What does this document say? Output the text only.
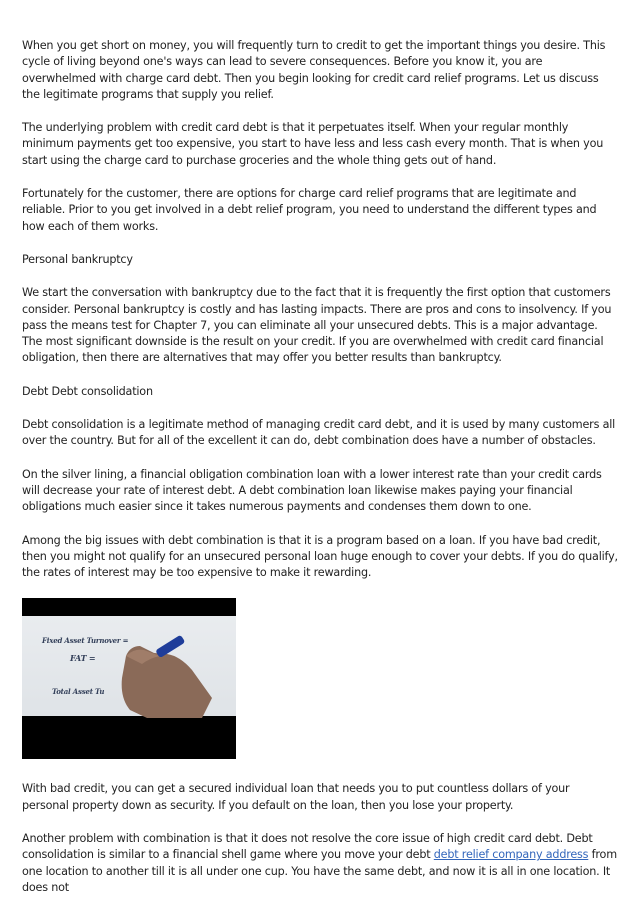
When you get short on money, you will frequently turn to credit to get the important things you desire. This cycle of living beyond one's ways can lead to severe consequences. Before you know it, you are overwhelmed with charge card debt. Then you begin looking for credit card relief programs. Let us discuss the legitimate programs that supply you relief.

The underlying problem with credit card debt is that it perpetuates itself. When your regular monthly minimum payments get too expensive, you start to have less and less cash every month. That is when you start using the charge card to purchase groceries and the whole thing gets out of hand.

Fortunately for the customer, there are options for charge card relief programs that are legitimate and reliable. Prior to you get involved in a debt relief program, you need to understand the different types and how each of them works.

Personal bankruptcy

We start the conversation with bankruptcy due to the fact that it is frequently the first option that customers consider. Personal bankruptcy is costly and has lasting impacts. There are pros and cons to insolvency. If you pass the means test for Chapter 7, you can eliminate all your unsecured debts. This is a major advantage. The most significant downside is the result on your credit. If you are overwhelmed with credit card financial obligation, then there are alternatives that may offer you better results than bankruptcy.

Debt Debt consolidation

Debt consolidation is a legitimate method of managing credit card debt, and it is used by many customers all over the country. But for all of the excellent it can do, debt combination does have a number of obstacles.

On the silver lining, a financial obligation combination loan with a lower interest rate than your credit cards will decrease your rate of interest debt. A debt combination loan likewise makes paying your financial obligations much easier since it takes numerous payments and condenses them down to one.

Among the big issues with debt combination is that it is a program based on a loan. If you have bad credit, then you might not qualify for an unsecured personal loan huge enough to cover your debts. If you do qualify, the rates of interest may be too expensive to make it rewarding.

Fixed Asset Turnover =
FAT =
Total Asset Tu

With bad credit, you can get a secured individual loan that needs you to put countless dollars of your personal property down as security. If you default on the loan, then you lose your property.

Another problem with combination is that it does not resolve the core issue of high credit card debt. Debt consolidation is similar to a financial shell game where you move your debt debt relief company address from one location to another till it is all under one cup. You have the same debt, and now it is all in one location. It does not
